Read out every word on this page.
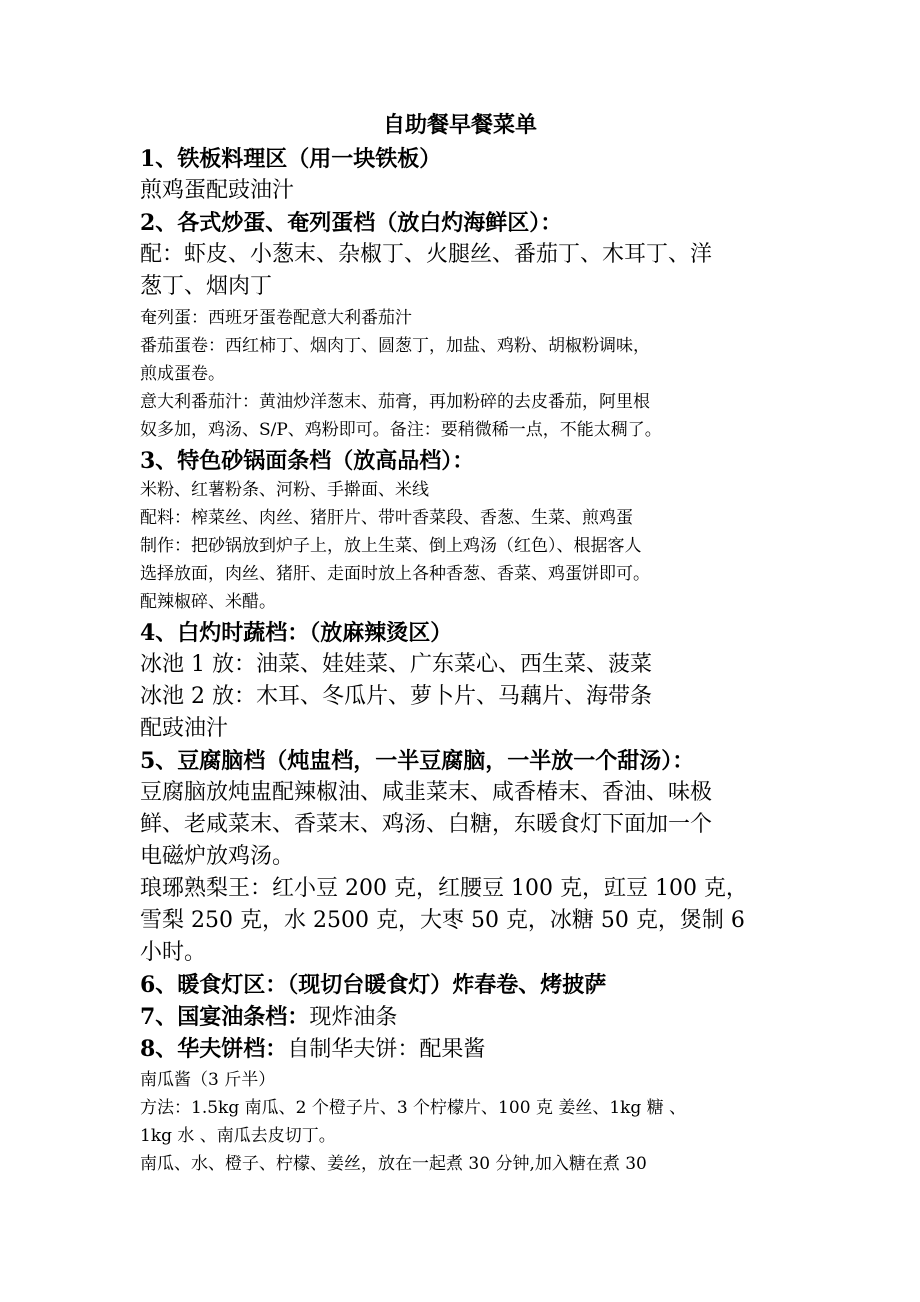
自助餐早餐菜单
1、铁板料理区（用一块铁板）
煎鸡蛋配豉油汁
2、各式炒蛋、奄列蛋档（放白灼海鲜区）：
配：虾皮、小葱末、杂椒丁、火腿丝、番茄丁、木耳丁、洋
葱丁、烟肉丁
奄列蛋：西班牙蛋卷配意大利番茄汁
番茄蛋卷：西红柿丁、烟肉丁、圆葱丁，加盐、鸡粉、胡椒粉调味，
煎成蛋卷。
意大利番茄汁：黄油炒洋葱末、茄膏，再加粉碎的去皮番茄，阿里根
奴多加，鸡汤、S/P、鸡粉即可。备注：要稍微稀一点，不能太稠了。
3、特色砂锅面条档（放高品档）：
米粉、红薯粉条、河粉、手擀面、米线
配料：榨菜丝、肉丝、猪肝片、带叶香菜段、香葱、生菜、煎鸡蛋
制作：把砂锅放到炉子上，放上生菜、倒上鸡汤（红色）、根据客人
选择放面，肉丝、猪肝、走面时放上各种香葱、香菜、鸡蛋饼即可。
配辣椒碎、米醋。
4、白灼时蔬档：（放麻辣烫区）
冰池 1 放：油菜、娃娃菜、广东菜心、西生菜、菠菜
冰池 2 放：木耳、冬瓜片、萝卜片、马藕片、海带条
配豉油汁
5、豆腐脑档（炖盅档，一半豆腐脑，一半放一个甜汤）：
豆腐脑放炖盅配辣椒油、咸韭菜末、咸香椿末、香油、味极
鲜、老咸菜末、香菜末、鸡汤、白糖，东暖食灯下面加一个
电磁炉放鸡汤。
琅琊熟梨王：红小豆 200 克，红腰豆 100 克，豇豆 100 克，
雪梨 250 克，水 2500 克，大枣 50 克，冰糖 50 克，煲制 6
小时。
6、暖食灯区：（现切台暖食灯）炸春卷、烤披萨
7、国宴油条档：现炸油条
8、华夫饼档：自制华夫饼：配果酱
南瓜酱（3 斤半）
方法：1.5kg 南瓜、2 个橙子片、3 个柠檬片、100 克 姜丝、1kg 糖 、
1kg 水 、南瓜去皮切丁。
南瓜、水、橙子、柠檬、姜丝，放在一起煮 30 分钟,加入糖在煮 30
